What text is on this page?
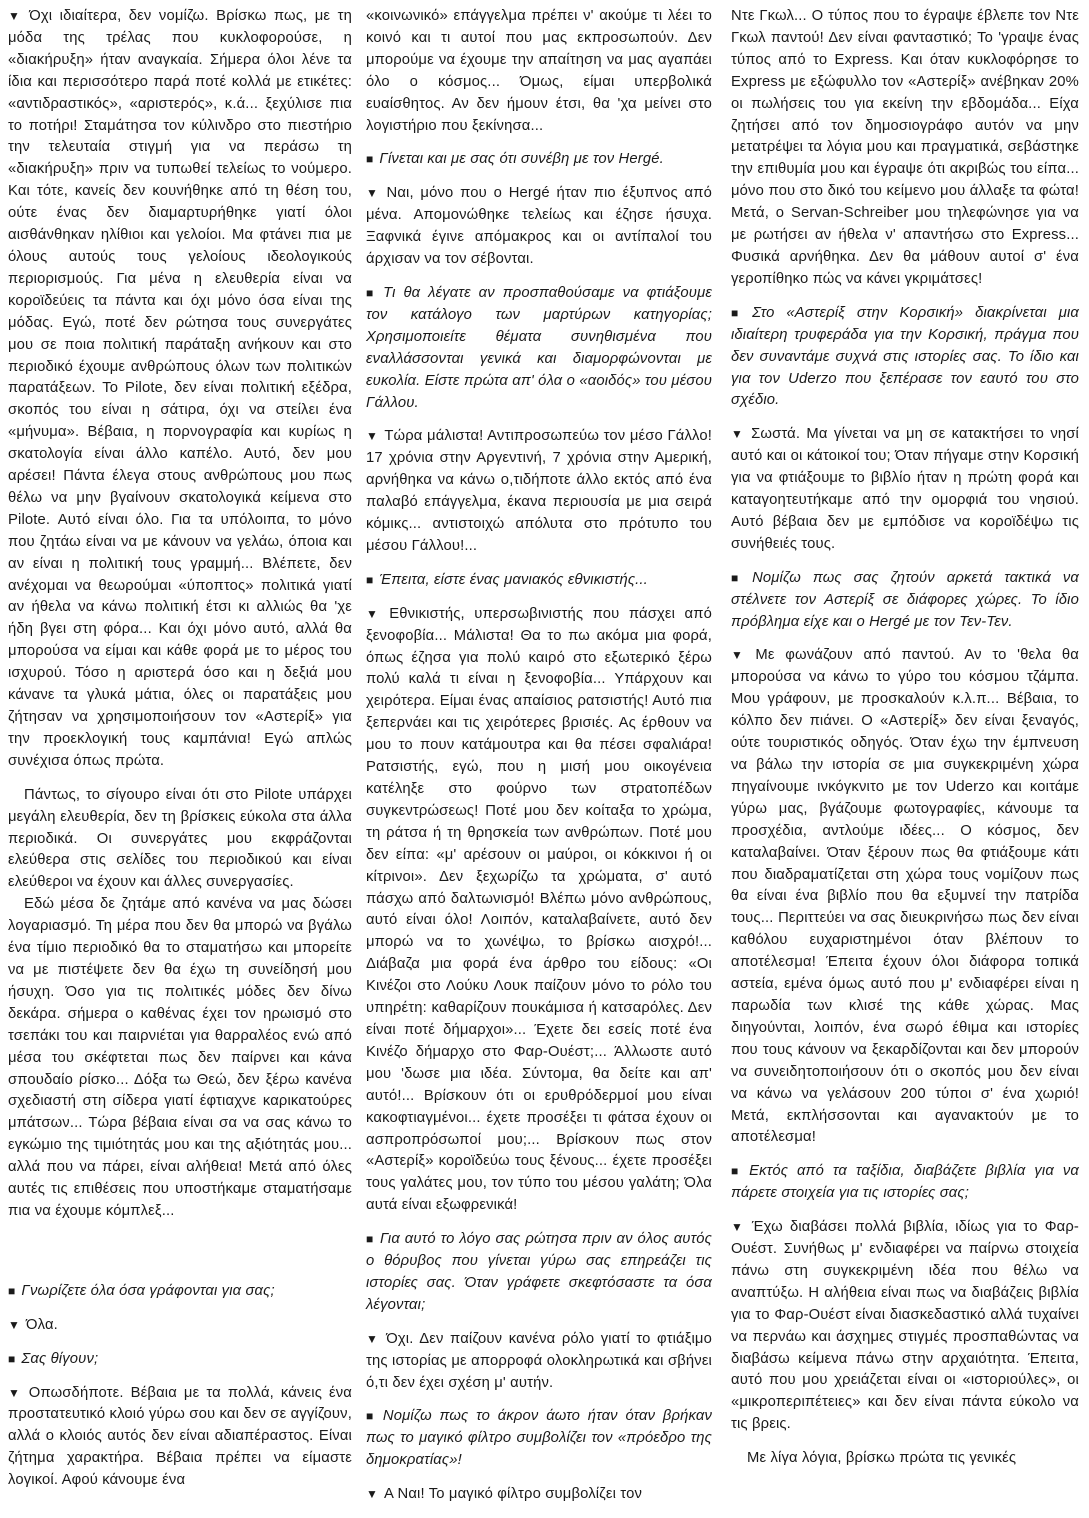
▼ Όχι ιδιαίτερα, δεν νομίζω. Βρίσκω πως, με τη μόδα της τρέλας που κυκλοφορούσε, η «διακήρυξη» ήταν αναγκαία. Σήμερα όλοι λένε τα ίδια και περισσότερο παρά ποτέ κολλά με ετικέτες: «αντιδραστικός», «αριστερός», κ.ά... ξεχύλισε πια το ποτήρι! Σταμάτησα τον κύλινδρο στο πιεστήριο την τελευταία στιγμή για να περάσω τη «διακήρυξη» πριν να τυπωθεί τελείως το νούμερο. Και τότε, κανείς δεν κουνήθηκε από τη θέση του, ούτε ένας δεν διαμαρτυρήθηκε γιατί όλοι αισθάνθηκαν ηλίθιοι και γελοίοι. Μα φτάνει πια με όλους αυτούς τους γελοίους ιδεολογικούς περιορισμούς. Για μένα η ελευθερία είναι να κοροϊδεύεις τα πάντα και όχι μόνο όσα είναι της μόδας. Εγώ, ποτέ δεν ρώτησα τους συνεργάτες μου σε ποια πολιτική παράταξη ανήκουν και στο περιοδικό έχουμε ανθρώπους όλων των πολιτικών παρατάξεων. Το Pilote, δεν είναι πολιτική εξέδρα, σκοπός του είναι η σάτιρα, όχι να στείλει ένα «μήνυμα». Βέβαια, η πορνογραφία και κυρίως η σκατολογία είναι άλλο καπέλο. Αυτό, δεν μου αρέσει! Πάντα έλεγα στους ανθρώπους μου πως θέλω να μην βγαίνουν σκατολογικά κείμενα στο Pilote. Αυτό είναι όλο. Για τα υπόλοιπα, το μόνο που ζητάω είναι να με κάνουν να γελάω, όποια και αν είναι η πολιτική τους γραμμή... Βλέπετε, δεν ανέχομαι να θεωρούμαι «ύποπτος» πολιτικά γιατί αν ήθελα να κάνω πολιτική έτσι κι αλλιώς θα 'χε ήδη βγει στη φόρα... Και όχι μόνο αυτό, αλλά θα μπορούσα να είμαι και κάθε φορά με το μέρος του ισχυρού. Τόσο η αριστερά όσο και η δεξιά μου κάνανε τα γλυκά μάτια, όλες οι παρατάξεις μου ζήτησαν να χρησιμοποιήσουν τον «Αστερίξ» για την προεκλογική τους καμπάνια! Εγώ απλώς συνέχισα όπως πρώτα.

Πάντως, το σίγουρο είναι ότι στο Pilote υπάρχει μεγάλη ελευθερία, δεν τη βρίσκεις εύκολα στα άλλα περιοδικά. Οι συνεργάτες μου εκφράζονται ελεύθερα στις σελίδες του περιοδικού και είναι ελεύθεροι να έχουν και άλλες συνεργασίες.

Εδώ μέσα δε ζητάμε από κανένα να μας δώσει λογαριασμό. Τη μέρα που δεν θα μπορώ να βγάλω ένα τίμιο περιοδικό θα το σταματήσω και μπορείτε να με πιστέψετε δεν θα έχω τη συνείδησή μου ήσυχη. Όσο για τις πολιτικές μόδες δεν δίνω δεκάρα. σήμερα ο καθένας έχει τον ηρωισμό στο τσεπάκι του και παιρνιέται για θαρραλέος ενώ από μέσα του σκέφτεται πως δεν παίρνει και κάνα σπουδαίο ρίσκο... Δόξα τω Θεώ, δεν ξέρω κανένα σχεδιαστή στη σίδερα γιατί έφτιαχνε καρικατούρες μπάτσων... Τώρα βέβαια είναι σα να σας κάνω το εγκώμιο της τιμιότητάς μου και της αξιότητάς μου... αλλά που να πάρει, είναι αλήθεια! Μετά από όλες αυτές τις επιθέσεις που υποστήκαμε σταματήσαμε πια να έχουμε κόμπλεξ...

■ Γνωρίζετε όλα όσα γράφονται για σας;

▼ Όλα.

■ Σας θίγουν;

▼ Οπωσδήποτε. Βέβαια με τα πολλά, κάνεις ένα προστατευτικό κλοιό γύρω σου και δεν σε αγγίζουν, αλλά ο κλοιός αυτός δεν είναι αδιαπέραστος. Είναι ζήτημα χαρακτήρα. Βέβαια πρέπει να είμαστε λογικοί. Αφού κάνουμε ένα

«κοινωνικό» επάγγελμα πρέπει ν' ακούμε τι λέει το κοινό και τι αυτοί που μας εκπροσωπούν. Δεν μπορούμε να έχουμε την απαίτηση να μας αγαπάει όλο ο κόσμος... Όμως, είμαι υπερβολικά ευαίσθητος. Αν δεν ήμουν έτσι, θα 'χα μείνει στο λογιστήριο που ξεκίνησα...

■ Γίνεται και με σας ότι συνέβη με τον Hergé.

▼ Ναι, μόνο που ο Hergé ήταν πιο έξυπνος από μένα. Απομονώθηκε τελείως και έζησε ήσυχα. Ξαφνικά έγινε απόμακρος και οι αντίπαλοί του άρχισαν να τον σέβονται.

■ Τι θα λέγατε αν προσπαθούσαμε να φτιάξουμε τον κατάλογο των μαρτύρων κατηγορίας; Χρησιμοποιείτε θέματα συνηθισμένα που εναλλάσσονται γενικά και διαμορφώνονται με ευκολία. Είστε πρώτα απ' όλα ο «αοιδός» του μέσου Γάλλου.

▼ Τώρα μάλιστα! Αντιπροσωπεύω τον μέσο Γάλλο! 17 χρόνια στην Αργεντινή, 7 χρόνια στην Αμερική, αρνήθηκα να κάνω ο,τιδήποτε άλλο εκτός από ένα παλαβό επάγγελμα, έκανα περιουσία με μια σειρά κόμικς... αντιστοιχώ απόλυτα στο πρότυπο του μέσου Γάλλου!...

■ Έπειτα, είστε ένας μανιακός εθνικιστής...

▼ Εθνικιστής, υπερσωβινιστής που πάσχει από ξενοφοβία... Μάλιστα! Θα το πω ακόμα μια φορά, όπως έζησα για πολύ καιρό στο εξωτερικό ξέρω πολύ καλά τι είναι η ξενοφοβία... Υπάρχουν και χειρότερα. Είμαι ένας απαίσιος ρατσιστής! Αυτό πια ξεπερνάει και τις χειρότερες βρισιές. Ας έρθουν να μου το πουν κατάμουτρα και θα πέσει σφαλιάρα! Ρατσιστής, εγώ, που η μισή μου οικογένεια κατέληξε στο φούρνο των στρατοπέδων συγκεντρώσεως! Ποτέ μου δεν κοίταξα το χρώμα, τη ράτσα ή τη θρησκεία των ανθρώπων. Ποτέ μου δεν είπα: «μ' αρέσουν οι μαύροι, οι κόκκινοι ή οι κίτρινοι». Δεν ξεχωρίζω τα χρώματα, σ' αυτό πάσχω από δαλτωνισμό! Βλέπω μόνο ανθρώπους, αυτό είναι όλο! Λοιπόν, καταλαβαίνετε, αυτό δεν μπορώ να το χωνέψω, το βρίσκω αισχρό!... Διάβαζα μια φορά ένα άρθρο του είδους: «Οι Κινέζοι στο Λούκυ Λουκ παίζουν μόνο το ρόλο του υπηρέτη: καθαρίζουν πουκάμισα ή κατσαρόλες. Δεν είναι ποτέ δήμαρχοι»... Έχετε δει εσείς ποτέ ένα Κινέζο δήμαρχο στο Φαρ-Ουέστ;... Άλλωστε αυτό μου 'δωσε μια ιδέα. Σύντομα, θα δείτε και απ' αυτό!... Βρίσκουν ότι οι ερυθρόδερμοί μου είναι κακοφτιαγμένοι... έχετε προσέξει τι φάτσα έχουν οι ασπροπρόσωποί μου;... Βρίσκουν πως στον «Αστερίξ» κοροϊδεύω τους ξένους... έχετε προσέξει τους γαλάτες μου, τον τύπο του μέσου γαλάτη; Όλα αυτά είναι εξωφρενικά!

■ Για αυτό το λόγο σας ρώτησα πριν αν όλος αυτός ο θόρυβος που γίνεται γύρω σας επηρεάζει τις ιστορίες σας. Όταν γράφετε σκεφτόσαστε τα όσα λέγονται;

▼ Όχι. Δεν παίζουν κανένα ρόλο γιατί το φτιάξιμο της ιστορίας με απορροφά ολοκληρωτικά και σβήνει ό,τι δεν έχει σχέση μ' αυτήν.

■ Νομίζω πως το άκρον άωτο ήταν όταν βρήκαν πως το μαγικό φίλτρο συμβολίζει τον «πρόεδρο της δημοκρατίας»!

▼ Α Ναι! Το μαγικό φίλτρο συμβολίζει τον

Ντε Γκωλ... Ο τύπος που το έγραψε έβλεπε τον Ντε Γκωλ παντού! Δεν είναι φανταστικό; Το 'γραψε ένας τύπος από το Express. Και όταν κυκλοφόρησε το Express με εξώφυλλο τον «Αστερίξ» ανέβηκαν 20% οι πωλήσεις του για εκείνη την εβδομάδα... Είχα ζητήσει από τον δημοσιογράφο αυτόν να μην μετατρέψει τα λόγια μου και πραγματικά, σεβάστηκε την επιθυμία μου και έγραψε ότι ακριβώς του είπα... μόνο που στο δικό του κείμενο μου άλλαξε τα φώτα! Μετά, ο Servan-Schreiber μου τηλεφώνησε για να με ρωτήσει αν ήθελα ν' απαντήσω στο Express... Φυσικά αρνήθηκα. Δεν θα μάθουν αυτοί σ' ένα γεροπίθηκο πώς να κάνει γκριμάτσες!

■ Στο «Αστερίξ στην Κορσική» διακρίνεται μια ιδιαίτερη τρυφεράδα για την Κορσική, πράγμα που δεν συναντάμε συχνά στις ιστορίες σας. Το ίδιο και για τον Uderzo που ξεπέρασε τον εαυτό του στο σχέδιο.

▼ Σωστά. Μα γίνεται να μη σε κατακτήσει το νησί αυτό και οι κάτοικοί του; Όταν πήγαμε στην Κορσική για να φτιάξουμε το βιβλίο ήταν η πρώτη φορά και καταγοητευτήκαμε από την ομορφιά του νησιού. Αυτό βέβαια δεν με εμπόδισε να κοροϊδέψω τις συνήθειές τους.

■ Νομίζω πως σας ζητούν αρκετά τακτικά να στέλνετε τον Αστερίξ σε διάφορες χώρες. Το ίδιο πρόβλημα είχε και ο Hergé με τον Τεν-Τεν.

▼ Με φωνάζουν από παντού. Αν το 'θελα θα μπορούσα να κάνω το γύρο του κόσμου τζάμπα. Μου γράφουν, με προσκαλούν κ.λ.π... Βέβαια, το κόλπο δεν πιάνει. Ο «Αστερίξ» δεν είναι ξεναγός, ούτε τουριστικός οδηγός. Όταν έχω την έμπνευση να βάλω την ιστορία σε μια συγκεκριμένη χώρα πηγαίνουμε ινκόγκνιτο με τον Uderzo και κοιτάμε γύρω μας, βγάζουμε φωτογραφίες, κάνουμε τα προσχέδια, αντλούμε ιδέες... Ο κόσμος, δεν καταλαβαίνει. Όταν ξέρουν πως θα φτιάξουμε κάτι που διαδραματίζεται στη χώρα τους νομίζουν πως θα είναι ένα βιβλίο που θα εξυμνεί την πατρίδα τους... Περιττεύει να σας διευκρινήσω πως δεν είναι καθόλου ευχαριστημένοι όταν βλέπουν το αποτέλεσμα! Έπειτα έχουν όλοι διάφορα τοπικά αστεία, εμένα όμως αυτό που μ' ενδιαφέρει είναι η παρωδία των κλισέ της κάθε χώρας. Μας διηγούνται, λοιπόν, ένα σωρό έθιμα και ιστορίες που τους κάνουν να ξεκαρδίζονται και δεν μπορούν να συνειδητοποιήσουν ότι ο σκοπός μου δεν είναι να κάνω να γελάσουν 200 τύποι σ' ένα χωριό! Μετά, εκπλήσσονται και αγανακτούν με το αποτέλεσμα!

■ Εκτός από τα ταξίδια, διαβάζετε βιβλία για να πάρετε στοιχεία για τις ιστορίες σας;

▼ Έχω διαβάσει πολλά βιβλία, ιδίως για το Φαρ-Ουέστ. Συνήθως μ' ενδιαφέρει να παίρνω στοιχεία πάνω στη συγκεκριμένη ιδέα που θέλω να αναπτύξω. Η αλήθεια είναι πως να διαβάζεις βιβλία για το Φαρ-Ουέστ είναι διασκεδαστικό αλλά τυχαίνει να περνάω και άσχημες στιγμές προσπαθώντας να διαβάσω κείμενα πάνω στην αρχαιότητα. Έπειτα, αυτό που μου χρειάζεται είναι οι «ιστοριούλες», οι «μικροπεριπέτειες» και δεν είναι πάντα εύκολο να τις βρεις.

Με λίγα λόγια, βρίσκω πρώτα τις γενικές
